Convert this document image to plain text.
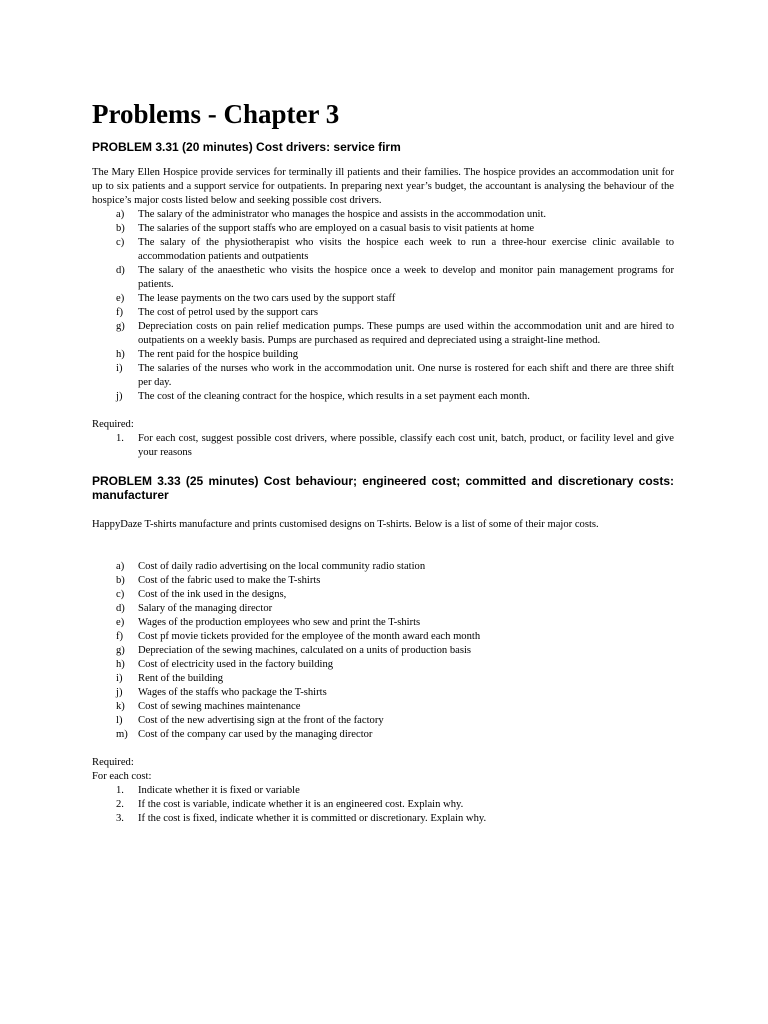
Problems - Chapter 3

PROBLEM 3.31 (20 minutes) Cost drivers: service firm

The Mary Ellen Hospice provide services for terminally ill patients and their families. The hospice provides an accommodation unit for up to six patients and a support service for outpatients. In preparing next year’s budget, the accountant is analysing the behaviour of the hospice’s major costs listed below and seeking possible cost drivers.

a) The salary of the administrator who manages the hospice and assists in the accommodation unit.
b) The salaries of the support staffs who are employed on a casual basis to visit patients at home
c) The salary of the physiotherapist who visits the hospice each week to run a three-hour exercise clinic available to accommodation patients and outpatients
d) The salary of the anaesthetic who visits the hospice once a week to develop and monitor pain management programs for patients.
e) The lease payments on the two cars used by the support staff
f) The cost of petrol used by the support cars
g) Depreciation costs on pain relief medication pumps. These pumps are used within the accommodation unit and are hired to outpatients on a weekly basis. Pumps are purchased as required and depreciated using a straight-line method.
h) The rent paid for the hospice building
i) The salaries of the nurses who work in the accommodation unit. One nurse is rostered for each shift and there are three shift per day.
j) The cost of the cleaning contract for the hospice, which results in a set payment each month.

Required:

1. For each cost, suggest possible cost drivers, where possible, classify each cost unit, batch, product, or facility level and give your reasons

PROBLEM 3.33 (25 minutes) Cost behaviour; engineered cost; committed and discretionary costs: manufacturer

HappyDaze T-shirts manufacture and prints customised designs on T-shirts. Below is a list of some of their major costs.

a) Cost of daily radio advertising on the local community radio station
b) Cost of the fabric used to make the T-shirts
c) Cost of the ink used in the designs,
d) Salary of the managing director
e) Wages of the production employees who sew and print the T-shirts
f) Cost pf movie tickets provided for the employee of the month award each month
g) Depreciation of the sewing machines, calculated on a units of production basis
h) Cost of electricity used in the factory building
i) Rent of the building
j) Wages of the staffs who package the T-shirts
k) Cost of sewing machines maintenance
l) Cost of the new advertising sign at the front of the factory
m) Cost of the company car used by the managing director

Required:

For each cost:

1. Indicate whether it is fixed or variable
2. If the cost is variable, indicate whether it is an engineered cost. Explain why.
3. If the cost is fixed, indicate whether it is committed or discretionary. Explain why.
